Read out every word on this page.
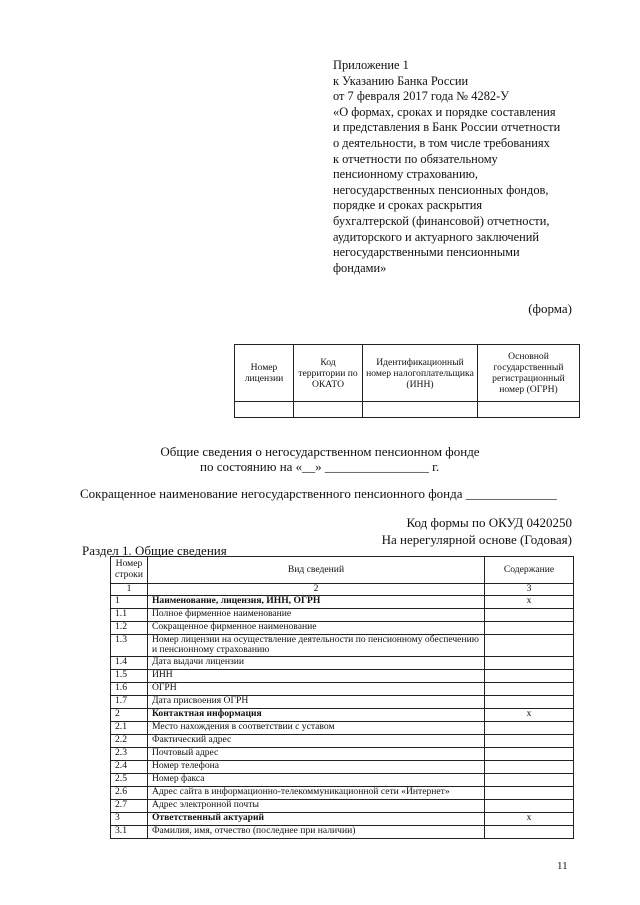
Приложение 1
к Указанию Банка России
от 7 февраля 2017 года № 4282-У
«О формах, сроках и порядке составления
и представления в Банк России отчетности
о деятельности, в том числе требованиях
к отчетности по обязательному
пенсионному страхованию,
негосударственных пенсионных фондов,
порядке и сроках раскрытия
бухгалтерской (финансовой) отчетности,
аудиторского и актуарного заключений
негосударственными пенсионными
фондами»
(форма)
Номер лицензии	Код территории по ОКАТО	Идентификационный номер налогоплательщика (ИНН)	Основной государственный регистрационный номер (ОГРН)

Общие сведения о негосударственном пенсионном фонде
по состоянию на «__» ________________ г.
Сокращенное наименование негосударственного пенсионного фонда ______________
Код формы по ОКУД 0420250
На нерегулярной основе (Годовая)
Раздел 1. Общие сведения
Номер строки	Вид сведений	Содержание
1	2	3
1	Наименование, лицензия, ИНН, ОГРН	x
1.1	Полное фирменное наименование	
1.2	Сокращенное фирменное наименование	
1.3	Номер лицензии на осуществление деятельности по пенсионному обеспечению и пенсионному страхованию	
1.4	Дата выдачи лицензии	
1.5	ИНН	
1.6	ОГРН	
1.7	Дата присвоения ОГРН	
2	Контактная информация	x
2.1	Место нахождения в соответствии с уставом	
2.2	Фактический адрес	
2.3	Почтовый адрес	
2.4	Номер телефона	
2.5	Номер факса	
2.6	Адрес сайта в информационно-телекоммуникационной сети «Интернет»	
2.7	Адрес электронной почты	
3	Ответственный актуарий	x
3.1	Фамилия, имя, отчество (последнее при наличии)	
11
